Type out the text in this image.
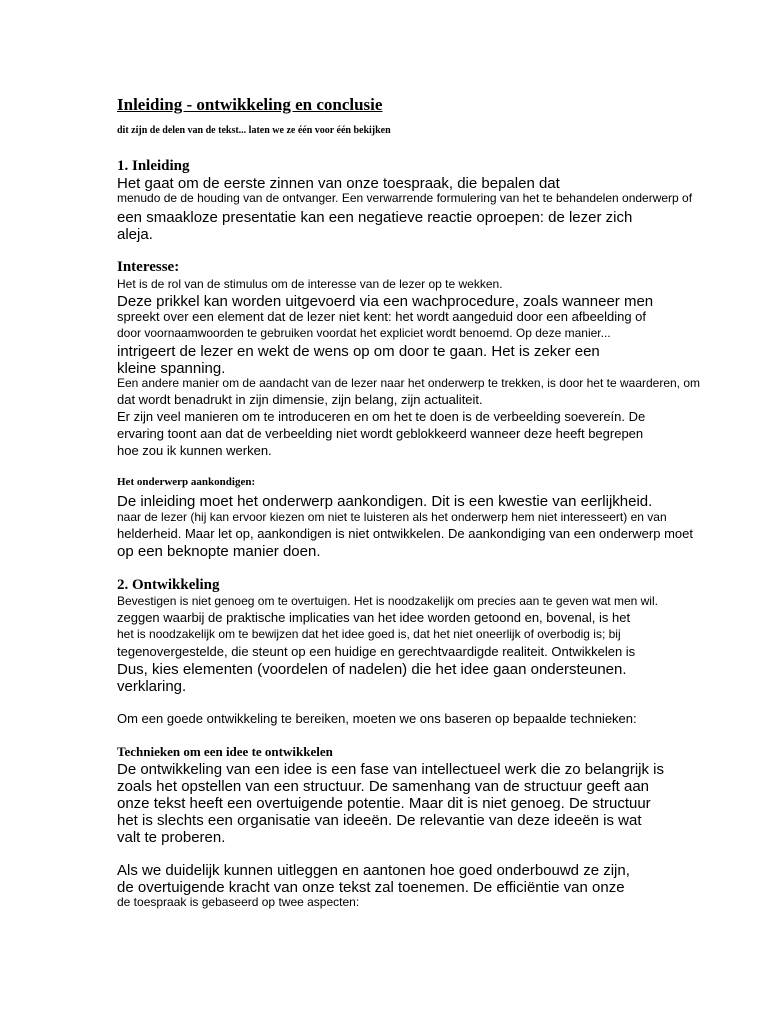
Inleiding - ontwikkeling en conclusie
dit zijn de delen van de tekst... laten we ze één voor één bekijken
1. Inleiding
Het gaat om de eerste zinnen van onze toespraak, die bepalen dat
menudo de de houding van de ontvanger. Een verwarrende formulering van het te behandelen onderwerp of
een smaakloze presentatie kan een negatieve reactie oproepen: de lezer zich
aleja.
Interesse:
Het is de rol van de stimulus om de interesse van de lezer op te wekken.
Deze prikkel kan worden uitgevoerd via een wachprocedure, zoals wanneer men
spreekt over een element dat de lezer niet kent: het wordt aangeduid door een afbeelding of
door voornaamwoorden te gebruiken voordat het expliciet wordt benoemd. Op deze manier...
intrigeert de lezer en wekt de wens op om door te gaan. Het is zeker een
kleine spanning.
Een andere manier om de aandacht van de lezer naar het onderwerp te trekken, is door het te waarderen, om
dat wordt benadrukt in zijn dimensie, zijn belang, zijn actualiteit.
Er zijn veel manieren om te introduceren en om het te doen is de verbeelding soevereín. De
ervaring toont aan dat de verbeelding niet wordt geblokkeerd wanneer deze heeft begrepen
hoe zou ik kunnen werken.
Het onderwerp aankondigen:
De inleiding moet het onderwerp aankondigen. Dit is een kwestie van eerlijkheid.
naar de lezer (hij kan ervoor kiezen om niet te luisteren als het onderwerp hem niet interesseert) en van
helderheid. Maar let op, aankondigen is niet ontwikkelen. De aankondiging van een onderwerp moet
op een beknopte manier doen.
2. Ontwikkeling
Bevestigen is niet genoeg om te overtuigen. Het is noodzakelijk om precies aan te geven wat men wil.
zeggen waarbij de praktische implicaties van het idee worden getoond en, bovenal, is het
het is noodzakelijk om te bewijzen dat het idee goed is, dat het niet oneerlijk of overbodig is; bij
tegenovergestelde, die steunt op een huidige en gerechtvaardigde realiteit. Ontwikkelen is
Dus, kies elementen (voordelen of nadelen) die het idee gaan ondersteunen.
verklaring.
Om een goede ontwikkeling te bereiken, moeten we ons baseren op bepaalde technieken:
Technieken om een idee te ontwikkelen
De ontwikkeling van een idee is een fase van intellectueel werk die zo belangrijk is
zoals het opstellen van een structuur. De samenhang van de structuur geeft aan
onze tekst heeft een overtuigende potentie. Maar dit is niet genoeg. De structuur
het is slechts een organisatie van ideeën. De relevantie van deze ideeën is wat
valt te proberen.
Als we duidelijk kunnen uitleggen en aantonen hoe goed onderbouwd ze zijn,
de overtuigende kracht van onze tekst zal toenemen. De efficiëntie van onze
de toespraak is gebaseerd op twee aspecten:
